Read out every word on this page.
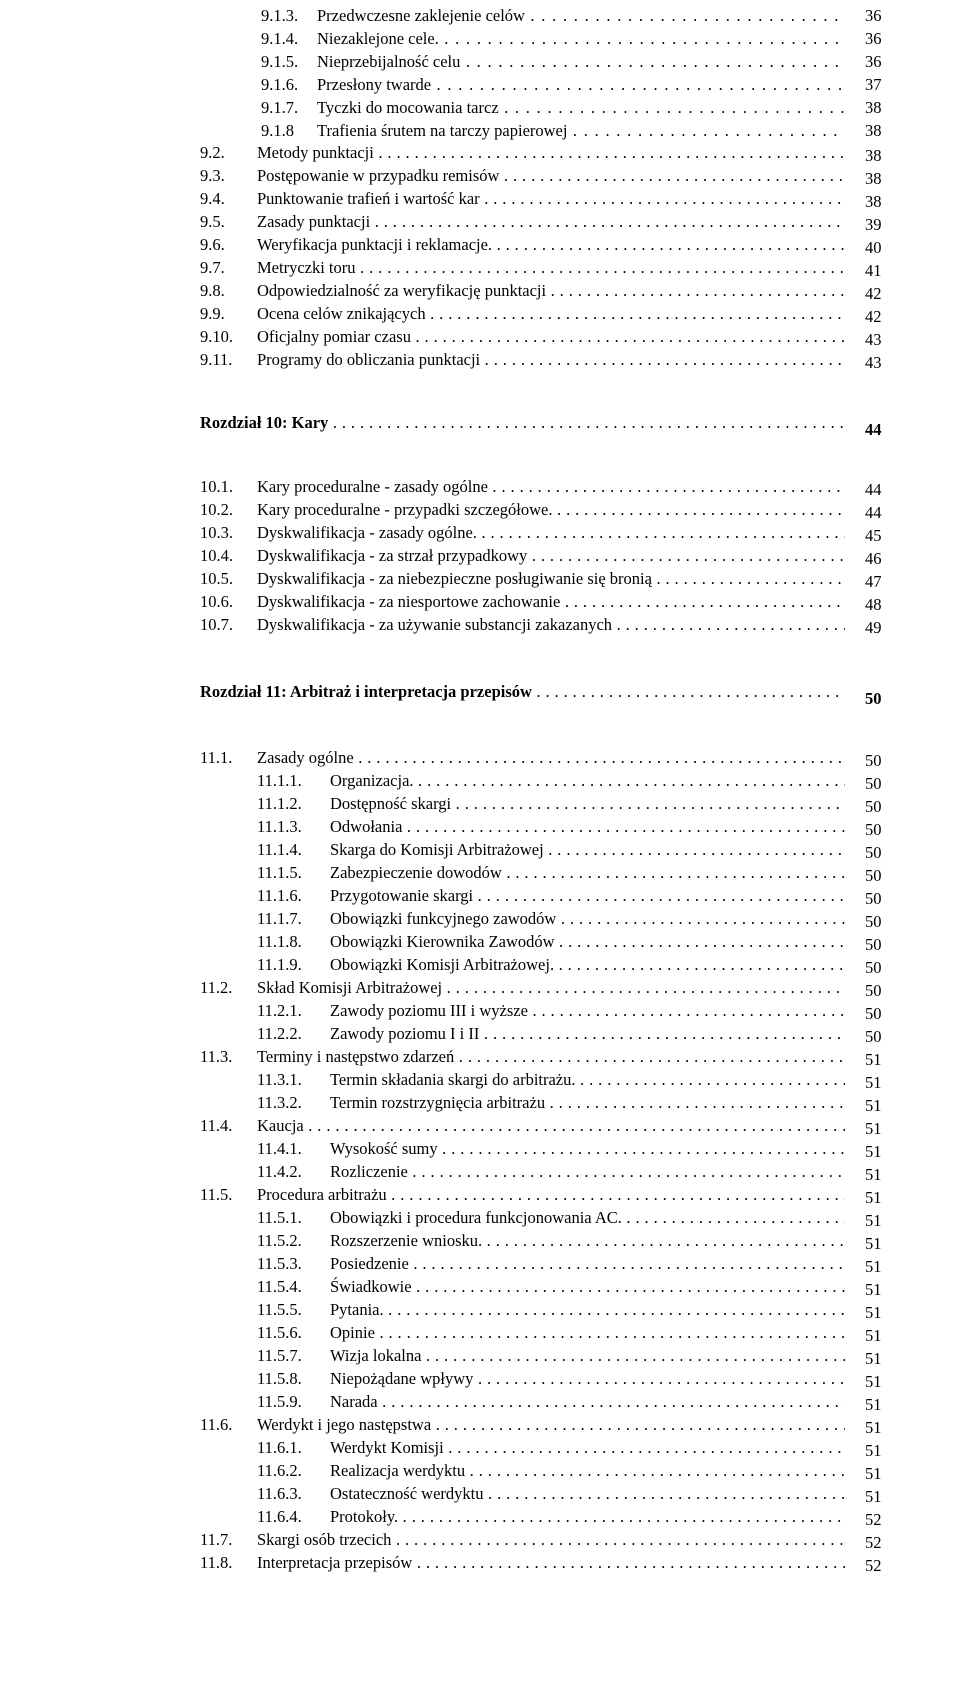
9.1.3. Przedwczesne zaklejenie celów . . .	36
9.1.4. Niezaklejone cele. . . .	36
9.1.5. Nieprzebijalność celu . . .	36
9.1.6. Przesłony twarde . . .	37
9.1.7. Tyczki do mocowania tarcz . . .	38
9.1.8 Trafienia śrutem na tarczy papierowej . . .	38
9.2. Metody punktacji . . .	38
9.3. Postępowanie w przypadku remisów . . .	38
9.4. Punktowanie trafień i wartość kar . . .	38
9.5. Zasady punktacji . . .	39
9.6. Weryfikacja punktacji i reklamacje. . . .	40
9.7. Metryczki toru . . .	41
9.8. Odpowiedzialność za weryfikację punktacji . . .	42
9.9. Ocena celów znikających . . .	42
9.10. Oficjalny pomiar czasu . . .	43
9.11. Programy do obliczania punktacji . . .	43
Rozdział 10: Kary . . .	44
10.1. Kary proceduralne - zasady ogólne . . .	44
10.2. Kary proceduralne - przypadki szczegółowe. . . .	44
10.3. Dyskwalifikacja - zasady ogólne. . . .	45
10.4. Dyskwalifikacja - za strzał przypadkowy . . .	46
10.5. Dyskwalifikacja - za niebezpieczne posługiwanie się bronią . . .	47
10.6. Dyskwalifikacja - za niesportowe zachowanie . . .	48
10.7. Dyskwalifikacja - za używanie substancji zakazanych . . .	49
Rozdział 11: Arbitraż i interpretacja przepisów . . .	50
11.1. Zasady ogólne . . .	50
11.1.1. Organizacja. . . .	50
11.1.2. Dostępność skargi . . .	50
11.1.3. Odwołania . . .	50
11.1.4. Skarga do Komisji Arbitrażowej . . .	50
11.1.5. Zabezpieczenie dowodów . . .	50
11.1.6. Przygotowanie skargi . . .	50
11.1.7. Obowiązki funkcyjnego zawodów . . .	50
11.1.8. Obowiązki Kierownika Zawodów . . .	50
11.1.9. Obowiązki Komisji Arbitrażowej. . . .	50
11.2. Skład Komisji Arbitrażowej . . .	50
11.2.1. Zawody poziomu III i wyższe . . .	50
11.2.2. Zawody poziomu I i II . . .	50
11.3. Terminy i następstwo zdarzeń . . .	51
11.3.1. Termin składania skargi do arbitrażu. . . .	51
11.3.2. Termin rozstrzygnięcia arbitrażu . . .	51
11.4. Kaucja . . .	51
11.4.1. Wysokość sumy . . .	51
11.4.2. Rozliczenie . . .	51
11.5. Procedura arbitrażu . . .	51
11.5.1. Obowiązki i procedura funkcjonowania AC. . . .	51
11.5.2. Rozszerzenie wniosku. . . .	51
11.5.3. Posiedzenie . . .	51
11.5.4. Świadkowie . . .	51
11.5.5. Pytania. . . .	51
11.5.6. Opinie . . .	51
11.5.7. Wizja lokalna . . .	51
11.5.8. Niepożądane wpływy . . .	51
11.5.9. Narada . . .	51
11.6. Werdykt i jego następstwa . . .	51
11.6.1. Werdykt Komisji . . .	51
11.6.2. Realizacja werdyktu . . .	51
11.6.3. Ostateczność werdyktu . . .	51
11.6.4. Protokoły. . . .	52
11.7. Skargi osób trzecich . . .	52
11.8. Interpretacja przepisów . . .	52
